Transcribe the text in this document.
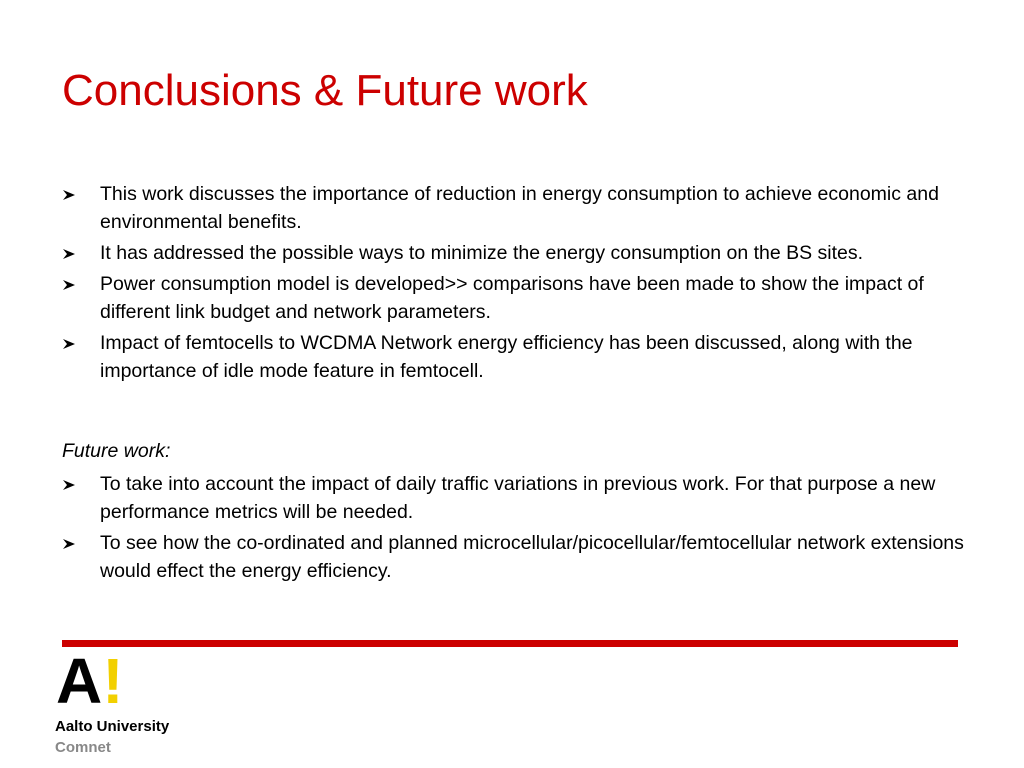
Conclusions & Future work
This work discusses the importance of reduction in energy consumption to achieve economic and environmental benefits.
It has addressed the possible ways to minimize the energy consumption on the BS sites.
Power consumption model is developed>> comparisons have been made to show the impact of different link budget and network parameters.
Impact of femtocells to WCDMA Network energy efficiency has been discussed, along with the importance of idle mode feature in femtocell.
Future work:
To take into account the impact of daily traffic variations in previous work. For that purpose a new performance metrics will be needed.
To see how the co-ordinated and planned microcellular/picocellular/femtocellular network extensions would effect the energy efficiency.
A!
Aalto University
Comnet
